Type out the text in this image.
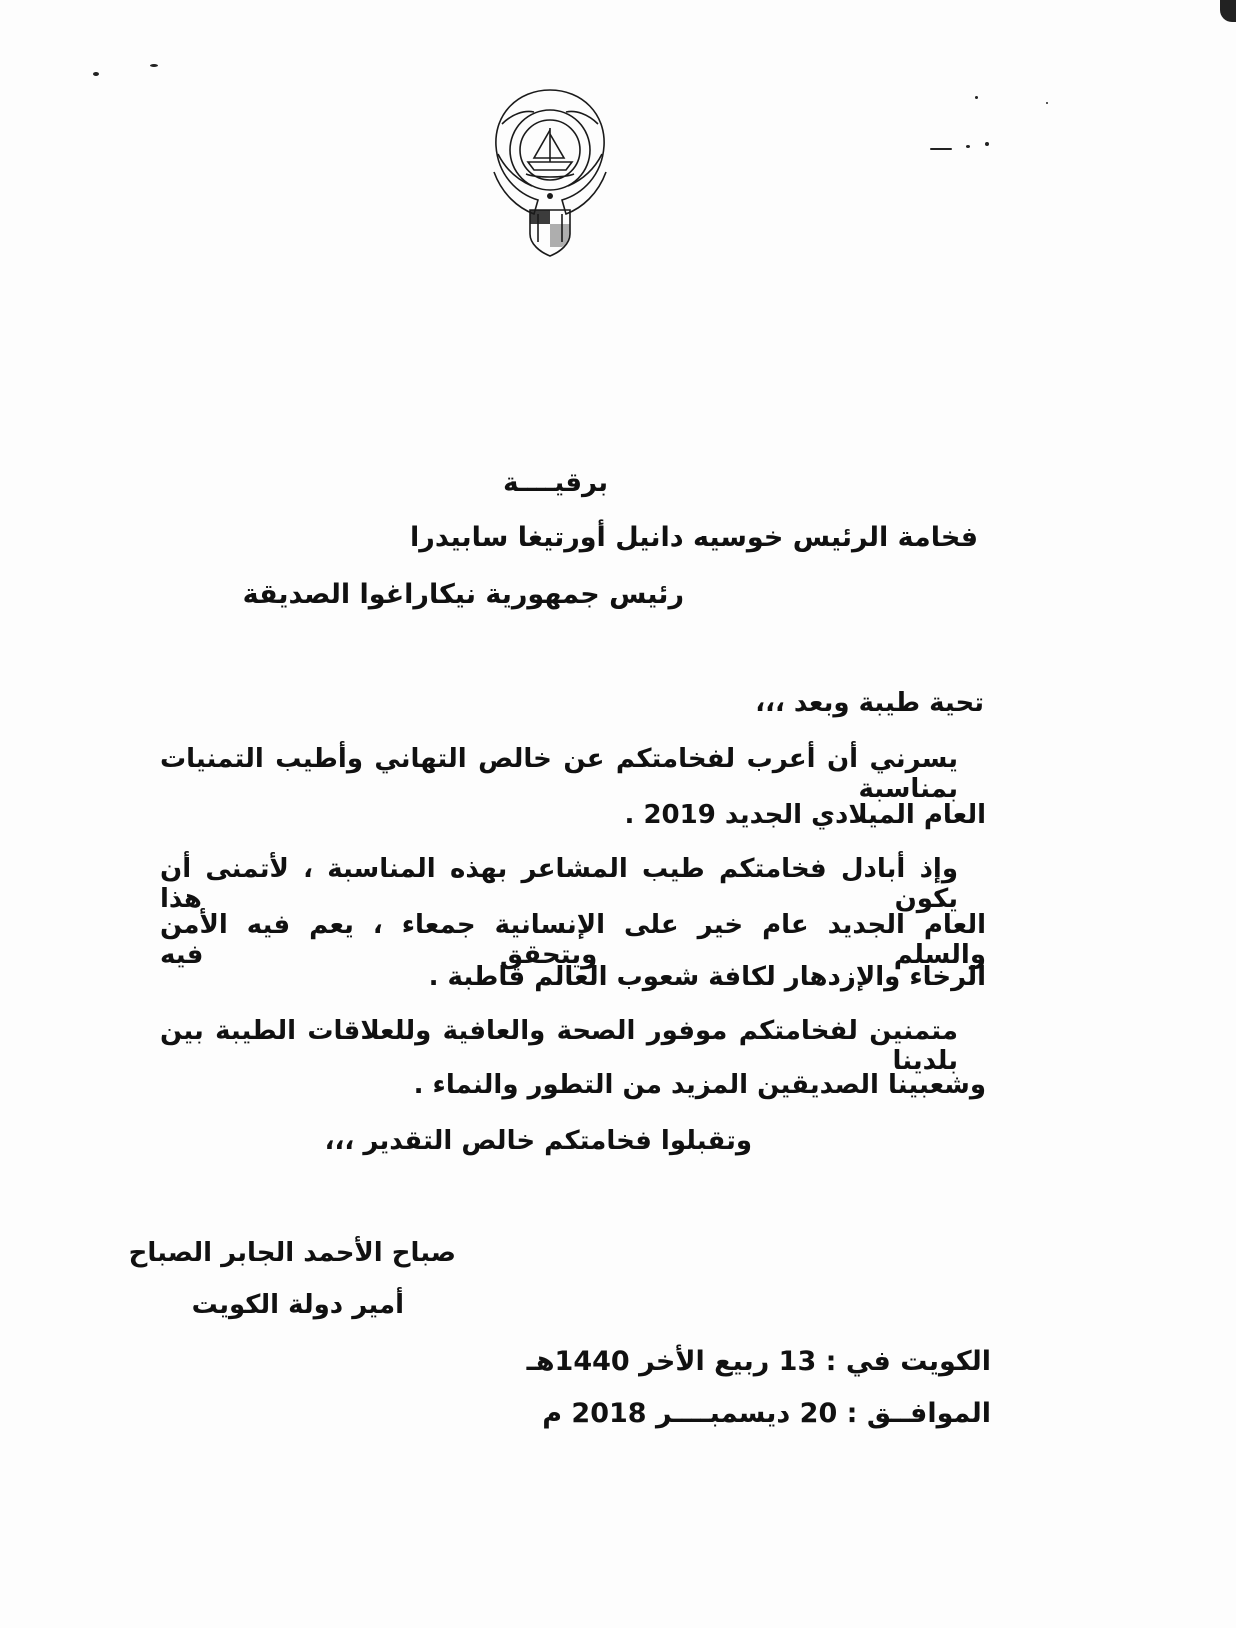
برقيــــة
فخامة الرئيس خوسيه دانيل أورتيغا سابيدرا
رئيس جمهورية نيكاراغوا الصديقة
تحية طيبة وبعد ،،،
يسرني أن أعرب لفخامتكم عن خالص التهاني وأطيب التمنيات بمناسبة
العام الميلادي الجديد 2019 .
وإذ أبادل فخامتكم طيب المشاعر بهذه المناسبة ، لأتمنى أن يكون هذا
العام الجديد عام خير على الإنسانية جمعاء ، يعم فيه الأمن والسلم ويتحقق فيه
الرخاء والإزدهار لكافة شعوب العالم قاطبة .
متمنين لفخامتكم موفور الصحة والعافية وللعلاقات الطيبة بين بلدينا
وشعبينا الصديقين المزيد من التطور والنماء .
وتقبلوا فخامتكم خالص التقدير ،،،
صباح الأحمد الجابر الصباح
أمير دولة الكويت
الكويت في : 13 ربيع الأخر 1440هـ
الموافــق : 20 ديسمبــــر 2018 م
